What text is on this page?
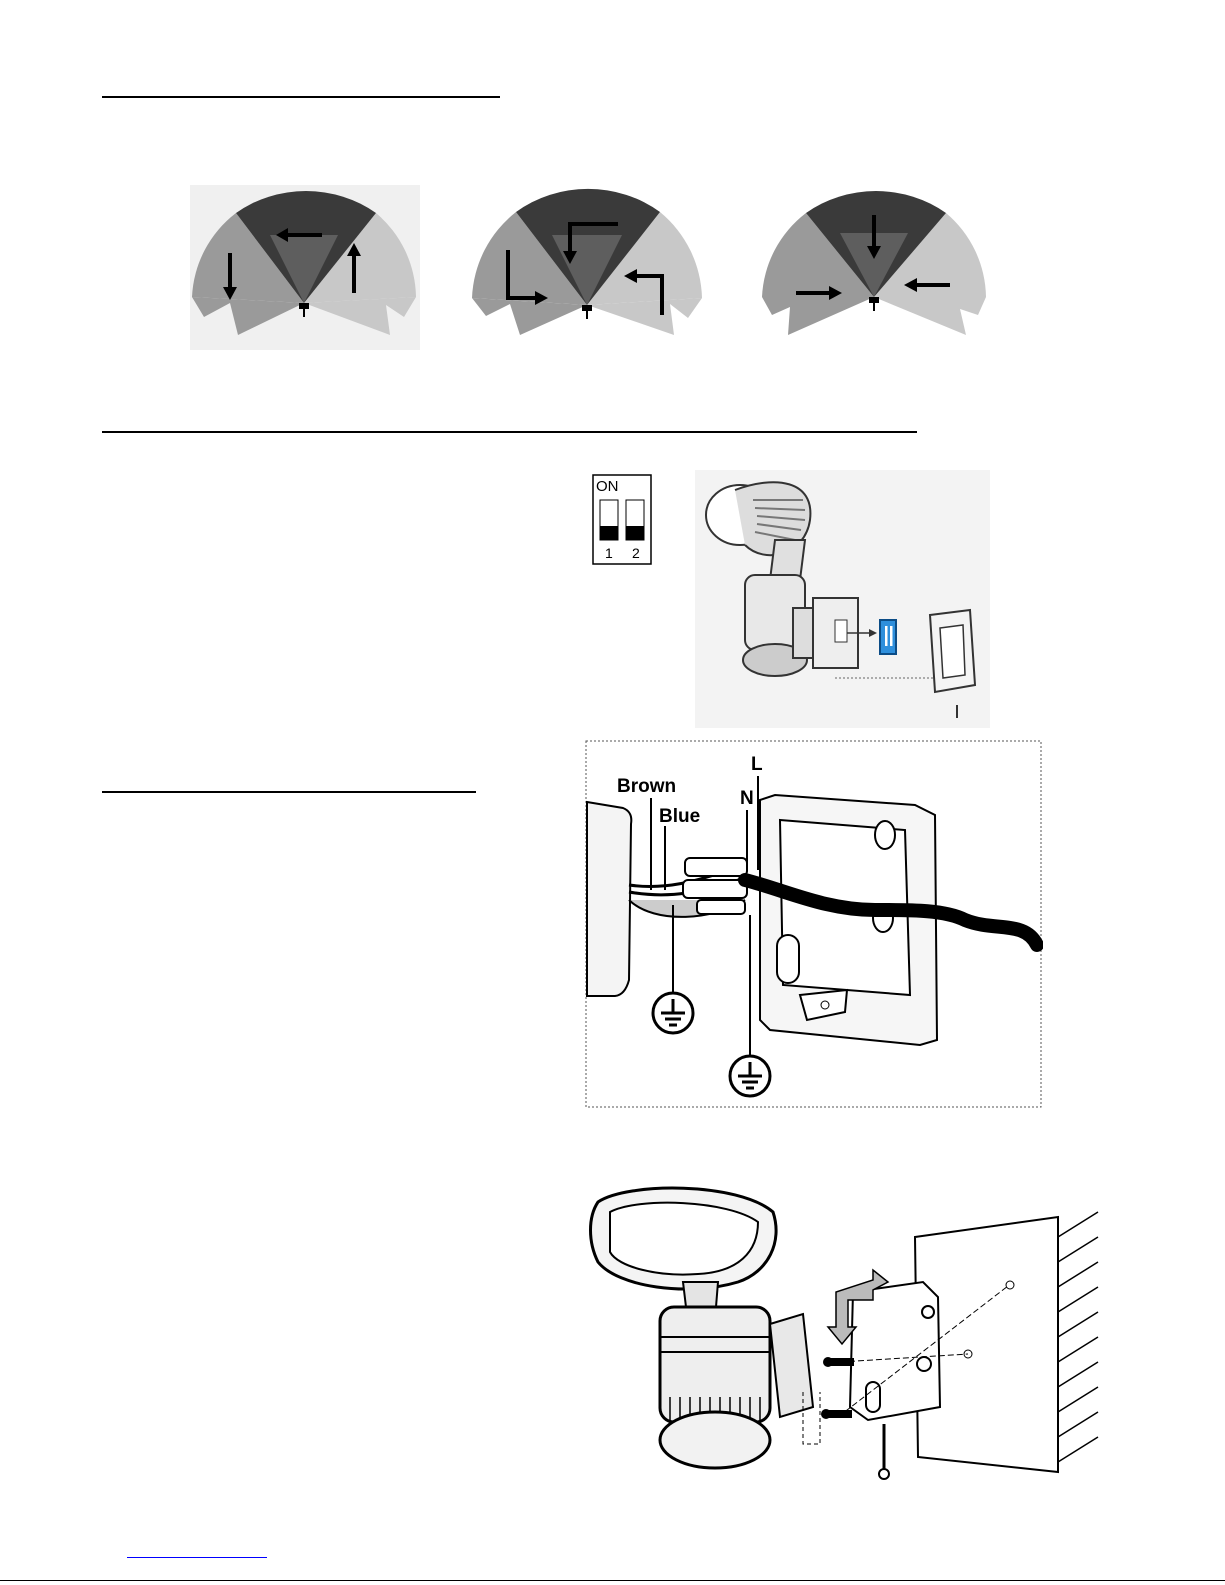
ON
1 2
Brown
Blue
L
N
